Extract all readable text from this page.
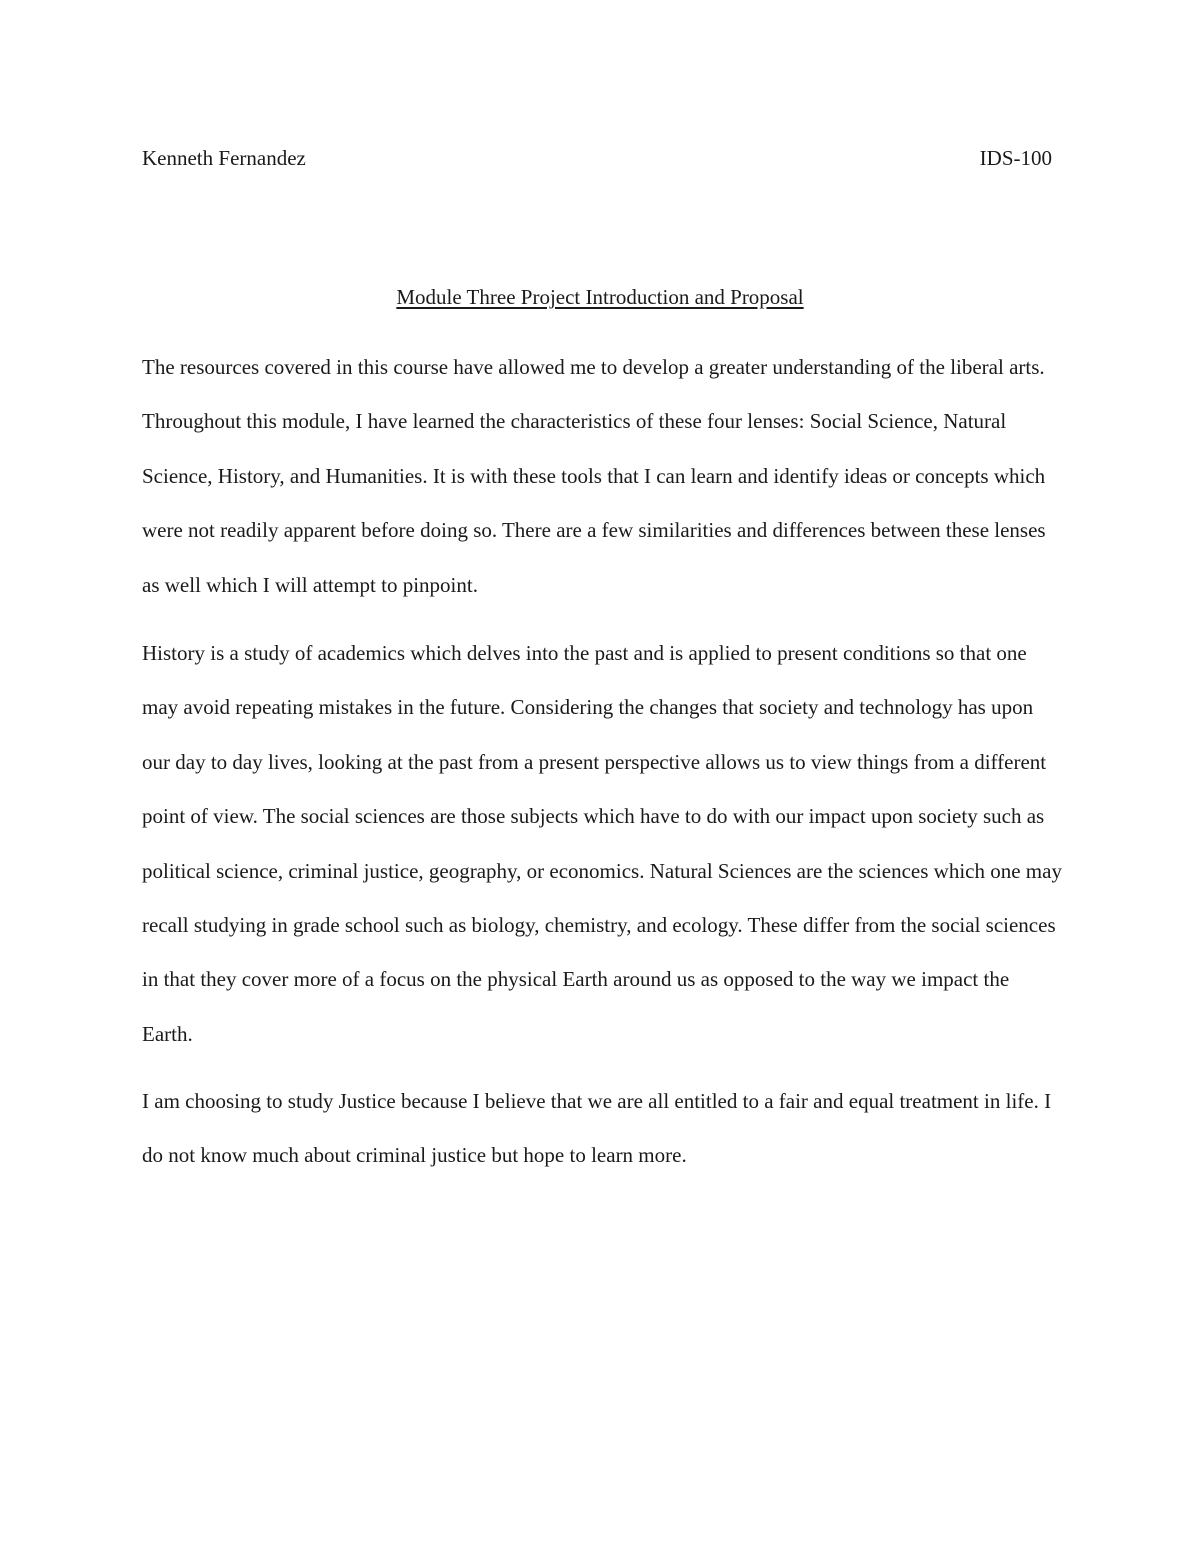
Kenneth Fernandez	IDS-100
Module Three Project Introduction and Proposal

The resources covered in this course have allowed me to develop a greater understanding of the liberal arts. Throughout this module, I have learned the characteristics of these four lenses: Social Science, Natural Science, History, and Humanities. It is with these tools that I can learn and identify ideas or concepts which were not readily apparent before doing so. There are a few similarities and differences between these lenses as well which I will attempt to pinpoint.

History is a study of academics which delves into the past and is applied to present conditions so that one may avoid repeating mistakes in the future. Considering the changes that society and technology has upon our day to day lives, looking at the past from a present perspective allows us to view things from a different point of view. The social sciences are those subjects which have to do with our impact upon society such as political science, criminal justice, geography, or economics. Natural Sciences are the sciences which one may recall studying in grade school such as biology, chemistry, and ecology. These differ from the social sciences in that they cover more of a focus on the physical Earth around us as opposed to the way we impact the Earth.

I am choosing to study Justice because I believe that we are all entitled to a fair and equal treatment in life. I do not know much about criminal justice but hope to learn more.
